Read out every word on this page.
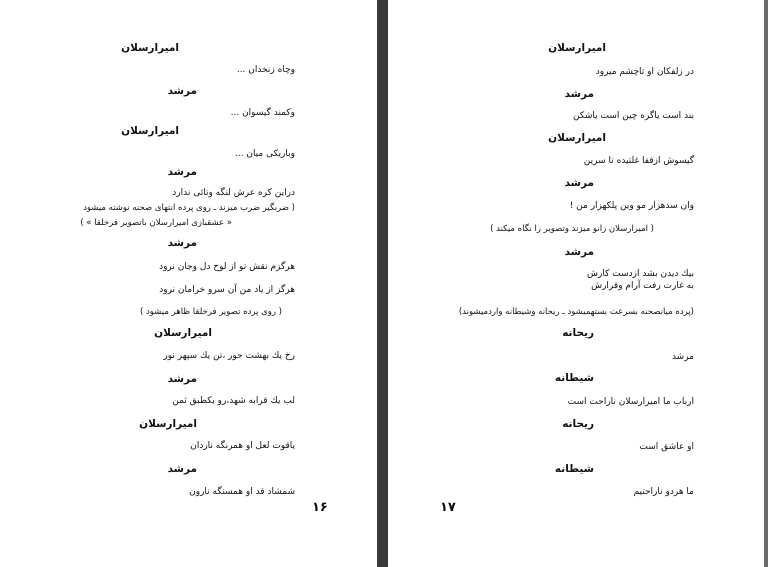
امیرارسلان
وچاه زنخدان ...
مرشد
وکمند گیسوان ...
امیرارسلان
وباریکی میان ...
مرشد
دراین کره عرش لنگه وتائی ندارد
( ضربگیر ضرب میزند ـ روی پرده انتهای صحنه نوشته میشود
« عشقبازی امیرارسلان باتصویر فرخلقا » )
مرشد
هرگزم نقش تو از لوح دل وجان نرود
هرگز از یاد من آن سرو خرامان نرود
( روی پرده تصویر فرخلقا ظاهر میشود )
امیرارسلان
رخ یك بهشت حور ،تن یك سپهر نور
مرشد
لب یك قرابه شهد،رو یكطبق ثمن
امیرارسلان
یاقوت لعل او همرنگه ناردان
مرشد
شمشاد قد او همسنگه نارون
۱۶
امیرارسلان
در زلفکان او تاچشم میرود
مرشد
بند است یاگره چین است یاشکن
امیرارسلان
گیسوش ازقفا غلتیده تا سرین
مرشد
وان سدهزار مو وین پلکهزار من !
( امیرارسلان زانو میزند وتصویر را نگاه میکند )
مرشد
بیك دیدن بشد ازدست کارش
به غارت رفت آرام وقرارش
(پرده میانصحنه بسرعت بستهمیشود ـ ریحانه وشیطانه واردمیشوند)
ریحانه
مرشد
شیطانه
ارباب ما امیرارسلان ناراحت است
ریحانه
او عاشق است
شیطانه
ما هردو ناراحتیم
۱۷
